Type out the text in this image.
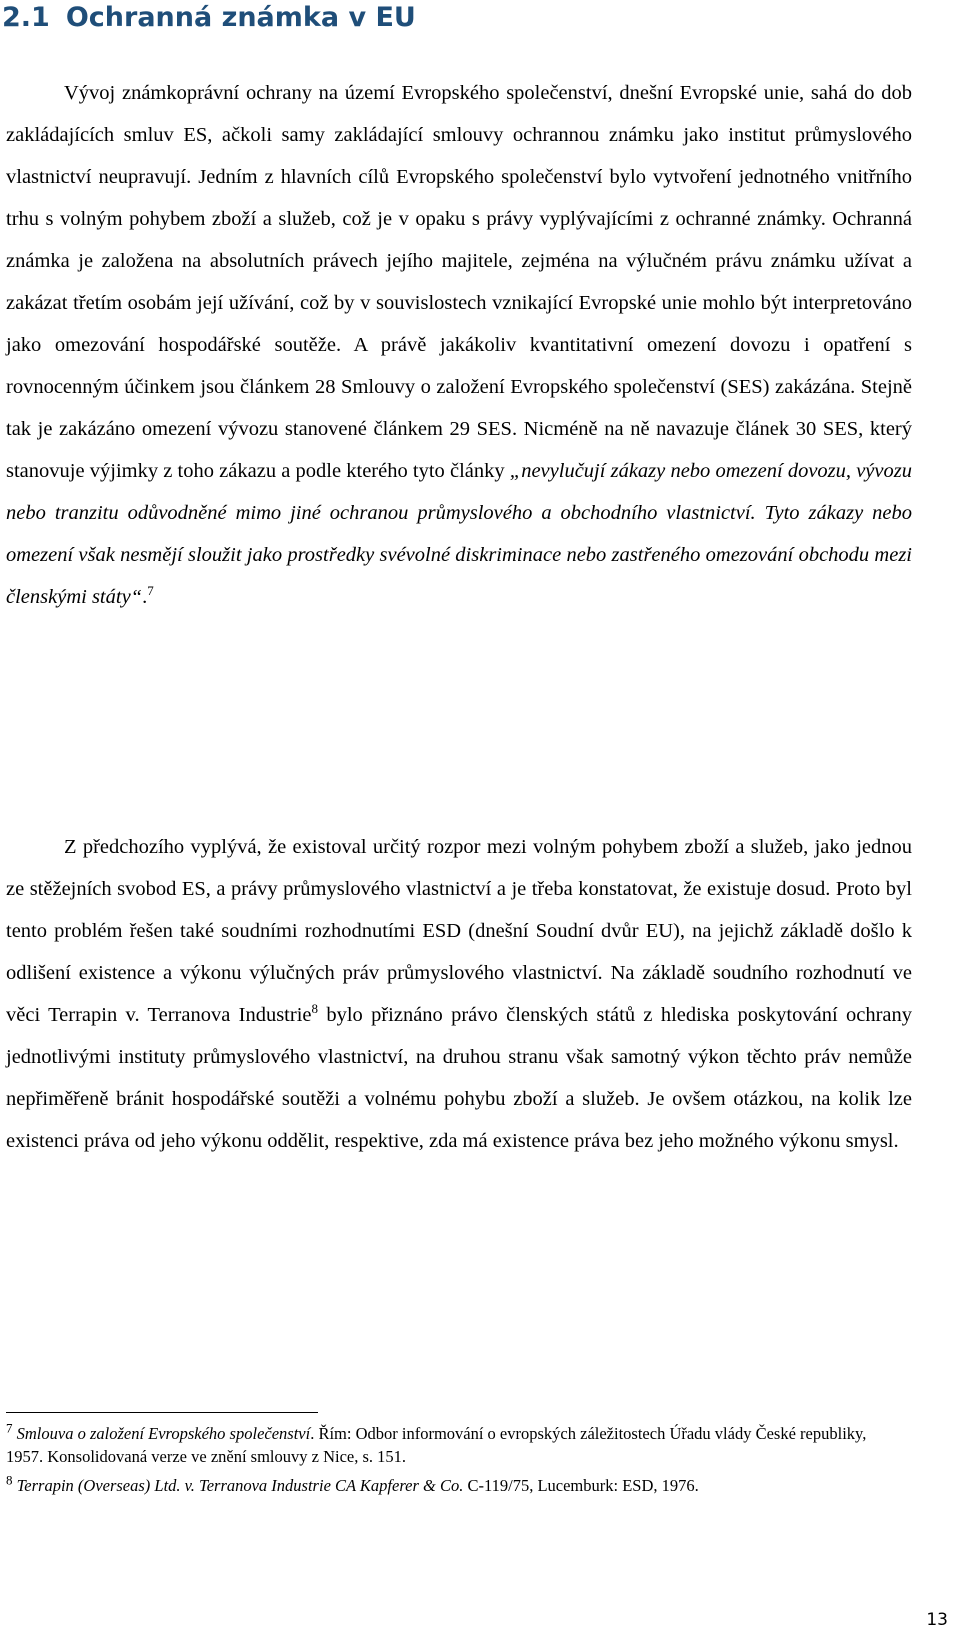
2.1 Ochranná známka v EU

Vývoj známkoprávní ochrany na území Evropského společenství, dnešní Evropské unie, sahá do dob zakládajících smluv ES, ačkoli samy zakládající smlouvy ochrannou známku jako institut průmyslového vlastnictví neupravují. Jedním z hlavních cílů Evropského společenství bylo vytvoření jednotného vnitřního trhu s volným pohybem zboží a služeb, což je v opaku s právy vyplývajícími z ochranné známky. Ochranná známka je založena na absolutních právech jejího majitele, zejména na výlučném právu známku užívat a zakázat třetím osobám její užívání, což by v souvislostech vznikající Evropské unie mohlo být interpretováno jako omezování hospodářské soutěže. A právě jakákoliv kvantitativní omezení dovozu i opatření s rovnocenným účinkem jsou článkem 28 Smlouvy o založení Evropského společenství (SES) zakázána. Stejně tak je zakázáno omezení vývozu stanovené článkem 29 SES. Nicméně na ně navazuje článek 30 SES, který stanovuje výjimky z toho zákazu a podle kterého tyto články „nevylučují zákazy nebo omezení dovozu, vývozu nebo tranzitu odůvodněné mimo jiné ochranou průmyslového a obchodního vlastnictví. Tyto zákazy nebo omezení však nesmějí sloužit jako prostředky svévolné diskriminace nebo zastřeného omezování obchodu mezi členskými státy“.$^7$

Z předchozího vyplývá, že existoval určitý rozpor mezi volným pohybem zboží a služeb, jako jednou ze stěžejních svobod ES, a právy průmyslového vlastnictví a je třeba konstatovat, že existuje dosud. Proto byl tento problém řešen také soudními rozhodnutími ESD (dnešní Soudní dvůr EU), na jejichž základě došlo k odlišení existence a výkonu výlučných práv průmyslového vlastnictví. Na základě soudního rozhodnutí ve věci Terrapin v. Terranova Industrie$^8$ bylo přiznáno právo členských států z hlediska poskytování ochrany jednotlivými instituty průmyslového vlastnictví, na druhou stranu však samotný výkon těchto práv nemůže nepřiměřeně bránit hospodářské soutěži a volnému pohybu zboží a služeb. Je ovšem otázkou, na kolik lze existenci práva od jeho výkonu oddělit, respektive, zda má existence práva bez jeho možného výkonu smysl.

$^7$ Smlouva o založení Evropského společenství. Řím: Odbor informování o evropských záležitostech Úřadu vlády České republiky, 1957. Konsolidovaná verze ve znění smlouvy z Nice, s. 151.

$^8$ Terrapin (Overseas) Ltd. v. Terranova Industrie CA Kapferer & Co. C-119/75, Lucemburk: ESD, 1976.

13
